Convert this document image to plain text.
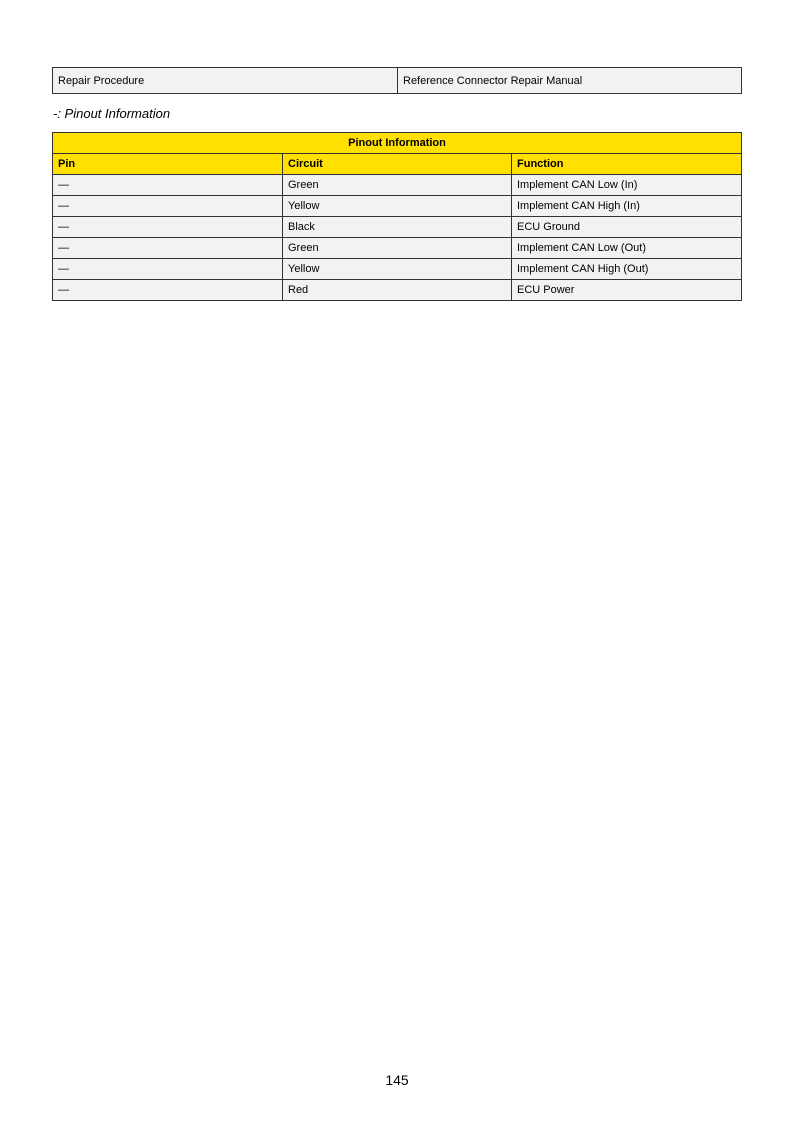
Repair Procedure	Reference Connector Repair Manual

-: Pinout Information

Pinout Information		
Pin	Circuit	Function
—	Green	Implement CAN Low (In)
—	Yellow	Implement CAN High (In)
—	Black	ECU Ground
—	Green	Implement CAN Low (Out)
—	Yellow	Implement CAN High (Out)
—	Red	ECU Power
145
